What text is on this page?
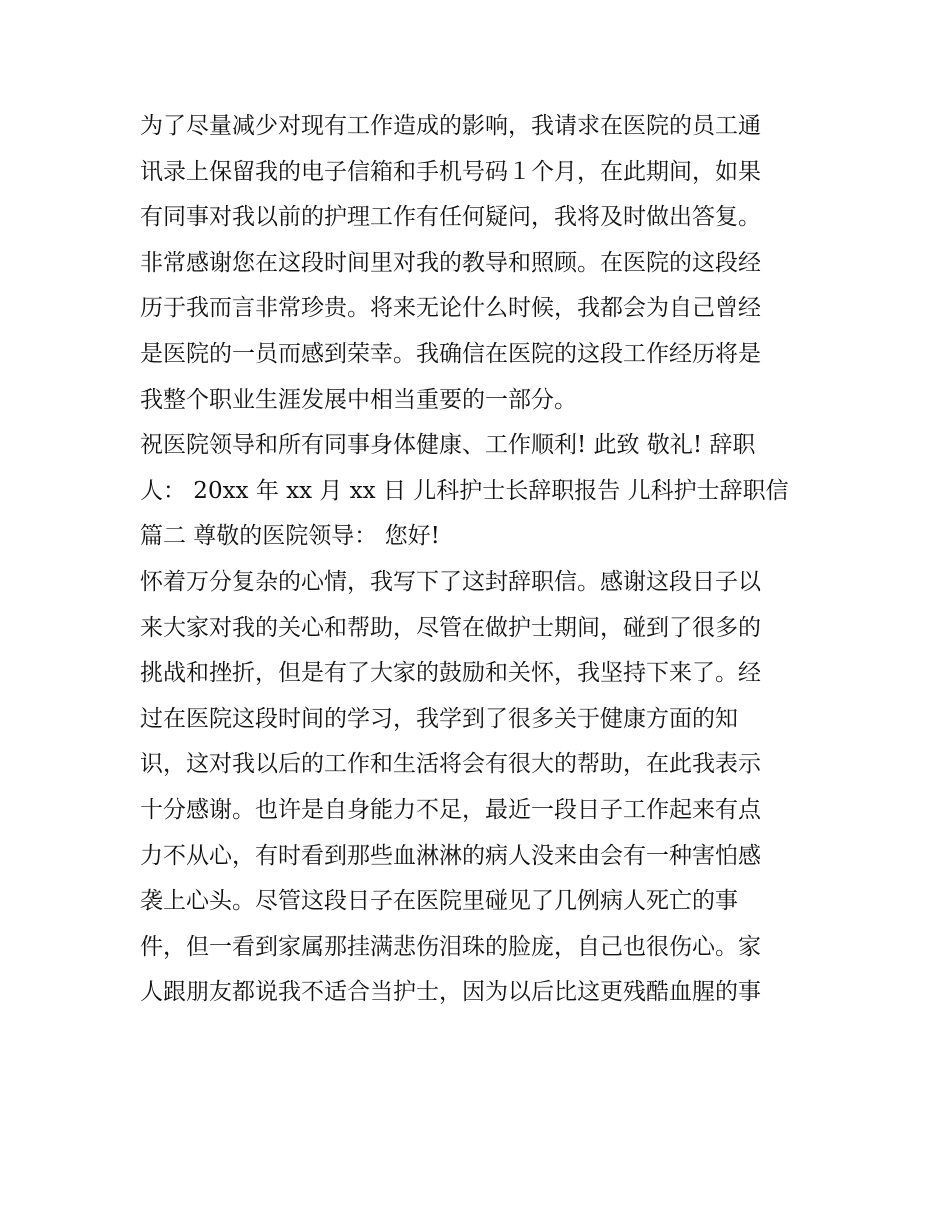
为了尽量减少对现有工作造成的影响，我请求在医院的员工通
讯录上保留我的电子信箱和手机号码１个月，在此期间，如果
有同事对我以前的护理工作有任何疑问，我将及时做出答复。
非常感谢您在这段时间里对我的教导和照顾。在医院的这段经
历于我而言非常珍贵。将来无论什么时候，我都会为自己曾经
是医院的一员而感到荣幸。我确信在医院的这段工作经历将是
我整个职业生涯发展中相当重要的一部分。
祝医院领导和所有同事身体健康、工作顺利! 此致 敬礼! 辞职
人： 20xx 年 xx 月 xx 日 儿科护士长辞职报告 儿科护士辞职信
篇二 尊敬的医院领导： 您好!
怀着万分复杂的心情，我写下了这封辞职信。感谢这段日子以
来大家对我的关心和帮助，尽管在做护士期间，碰到了很多的
挑战和挫折，但是有了大家的鼓励和关怀，我坚持下来了。经
过在医院这段时间的学习，我学到了很多关于健康方面的知
识，这对我以后的工作和生活将会有很大的帮助，在此我表示
十分感谢。也许是自身能力不足，最近一段日子工作起来有点
力不从心，有时看到那些血淋淋的病人没来由会有一种害怕感
袭上心头。尽管这段日子在医院里碰见了几例病人死亡的事
件，但一看到家属那挂满悲伤泪珠的脸庞，自己也很伤心。家
人跟朋友都说我不适合当护士，因为以后比这更残酷血腥的事
